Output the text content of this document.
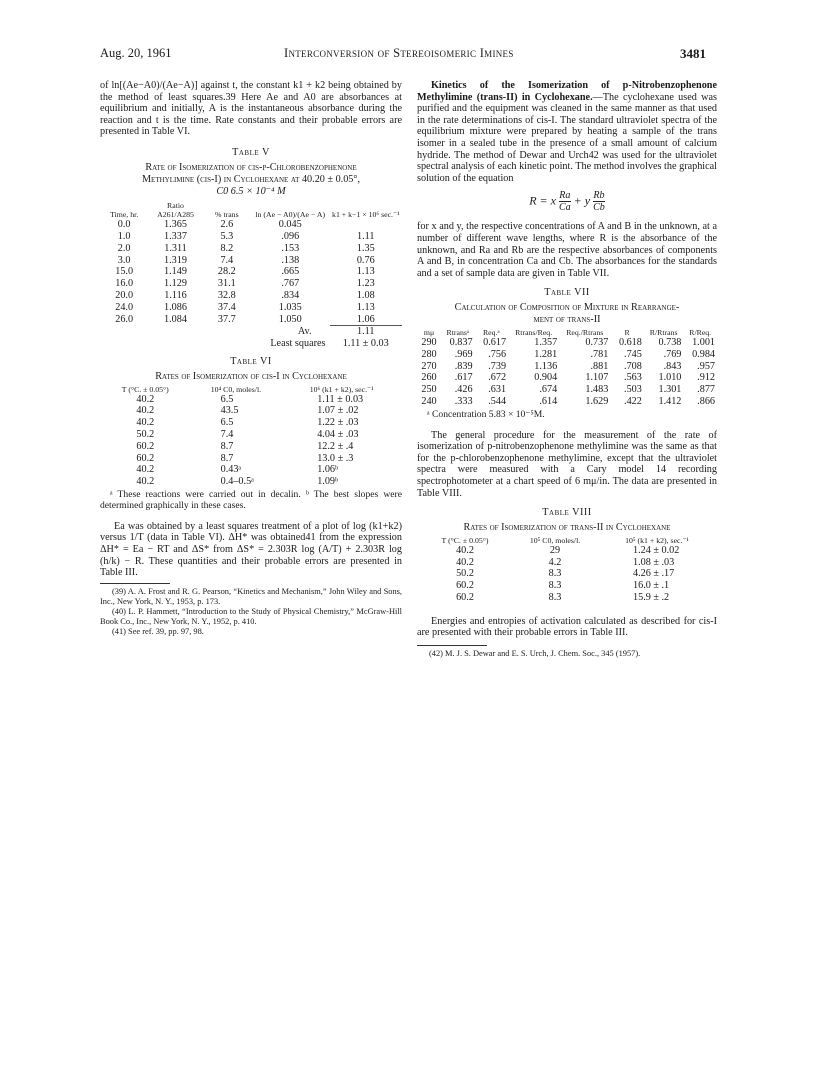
Aug. 20, 1961	Interconversion of Stereoisomeric Imines	3481

of ln[(Ae−A0)/(Ae−A)] against t, the constant k1 + k2 being obtained by the method of least squares.39 Here Ae and A0 are absorbances at equilibrium and initially, A is the instantaneous absorbance during the reaction and t is the time. Rate constants and their probable errors are presented in Table VI.

Table V
Rate of Isomerization of cis-p-Chlorobenzophenone
Methylimine (cis-I) in Cyclohexane at 40.20 ± 0.05°,
C0 6.5 × 10⁻⁴ M
Time, hr.	Ratio A261/A285	% trans	ln (Ae − A0)/(Ae − A)	k1 + k−1 × 10⁶ sec.⁻¹
0.0	1.365	2.6	0.045	
1.0	1.337	5.3	.096	1.11
2.0	1.311	8.2	.153	1.35
3.0	1.319	7.4	.138	0.76
15.0	1.149	28.2	.665	1.13
16.0	1.129	31.1	.767	1.23
20.0	1.116	32.8	.834	1.08
24.0	1.086	37.4	1.035	1.13
26.0	1.084	37.7	1.050	1.06
Av.				1.11
Least squares				1.11 ± 0.03
Table VI
Rates of Isomerization of cis-I in Cyclohexane
T (°C. ± 0.05°)	10⁴ C0, moles/l.	10⁶ (k1 + k2), sec.⁻¹
40.2	6.5	1.11 ± 0.03
40.2	43.5	1.07 ± .02
40.2	6.5	1.22 ± .03
50.2	7.4	4.04 ± .03
60.2	8.7	12.2 ± .4
60.2	8.7	13.0 ± .3
40.2	0.43ᵃ	1.06ᵇ
40.2	0.4–0.5ᵃ	1.09ᵇ

ᵃ These reactions were carried out in decalin. ᵇ The best slopes were determined graphically in these cases.

Ea was obtained by a least squares treatment of a plot of log (k1+k2) versus 1/T (data in Table VI). ΔH* was obtained41 from the expression ΔH* = Ea − RT and ΔS* from ΔS* = 2.303R log (A/T) + 2.303R log (h/k) − R. These quantities and their probable errors are presented in Table III.

(39) A. A. Frost and R. G. Pearson, “Kinetics and Mechanism,” John Wiley and Sons, Inc., New York, N. Y., 1953, p. 173.

(40) L. P. Hammett, “Introduction to the Study of Physical Chemistry,” McGraw-Hill Book Co., Inc., New York, N. Y., 1952, p. 410.

(41) See ref. 39, pp. 97, 98.

Kinetics of the Isomerization of p-Nitrobenzophenone Methylimine (trans-II) in Cyclohexane.—The cyclohexane used was purified and the equipment was cleaned in the same manner as that used in the rate determinations of cis-I. The standard ultraviolet spectra of the equilibrium mixture were prepared by heating a sample of the trans isomer in a sealed tube in the presence of a small amount of calcium hydride. The method of Dewar and Urch42 was used for the ultraviolet spectral analysis of each kinetic point. The method involves the graphical solution of the equation

R = x $\frac{Ra}{Ca} + y \frac{Rb}{Cb}$

for x and y, the respective concentrations of A and B in the unknown, at a number of different wave lengths, where R is the absorbance of the unknown, and Ra and Rb are the respective absorbances of components A and B, in concentration Ca and Cb. The absorbances for the standards and a set of sample data are given in Table VII.

Table VII
Calculation of Composition of Mixture in Rearrange-
ment of trans-II
mμ	Rtransᵃ	Req.ᵃ	Rtrans/Req.	Req./Rtrans	R	R/Rtrans	R/Req.
290	0.837	0.617	1.357	0.737	0.618	0.738	1.001
280	.969	.756	1.281	.781	.745	.769	0.984
270	.839	.739	1.136	.881	.708	.843	.957
260	.617	.672	0.904	1.107	.563	1.010	.912
250	.426	.631	.674	1.483	.503	1.301	.877
240	.333	.544	.614	1.629	.422	1.412	.866

ᵃ Concentration 5.83 × 10⁻⁵M.

The general procedure for the measurement of the rate of isomerization of p-nitrobenzophenone methylimine was the same as that for the p-chlorobenzophenone methylimine, except that the ultraviolet spectra were measured with a Cary model 14 recording spectrophotometer at a chart speed of 6 mμ/in. The data are presented in Table VIII.

Table VIII
Rates of Isomerization of trans-II in Cyclohexane
T (°C. ± 0.05°)	10⁵ C0, moles/l.	10⁵ (k1 + k2), sec.⁻¹
40.2	29	1.24 ± 0.02
40.2	4.2	1.08 ± .03
50.2	8.3	4.26 ± .17
60.2	8.3	16.0 ± .1
60.2	8.3	15.9 ± .2

Energies and entropies of activation calculated as described for cis-I are presented with their probable errors in Table III.

(42) M. J. S. Dewar and E. S. Urch, J. Chem. Soc., 345 (1957).
